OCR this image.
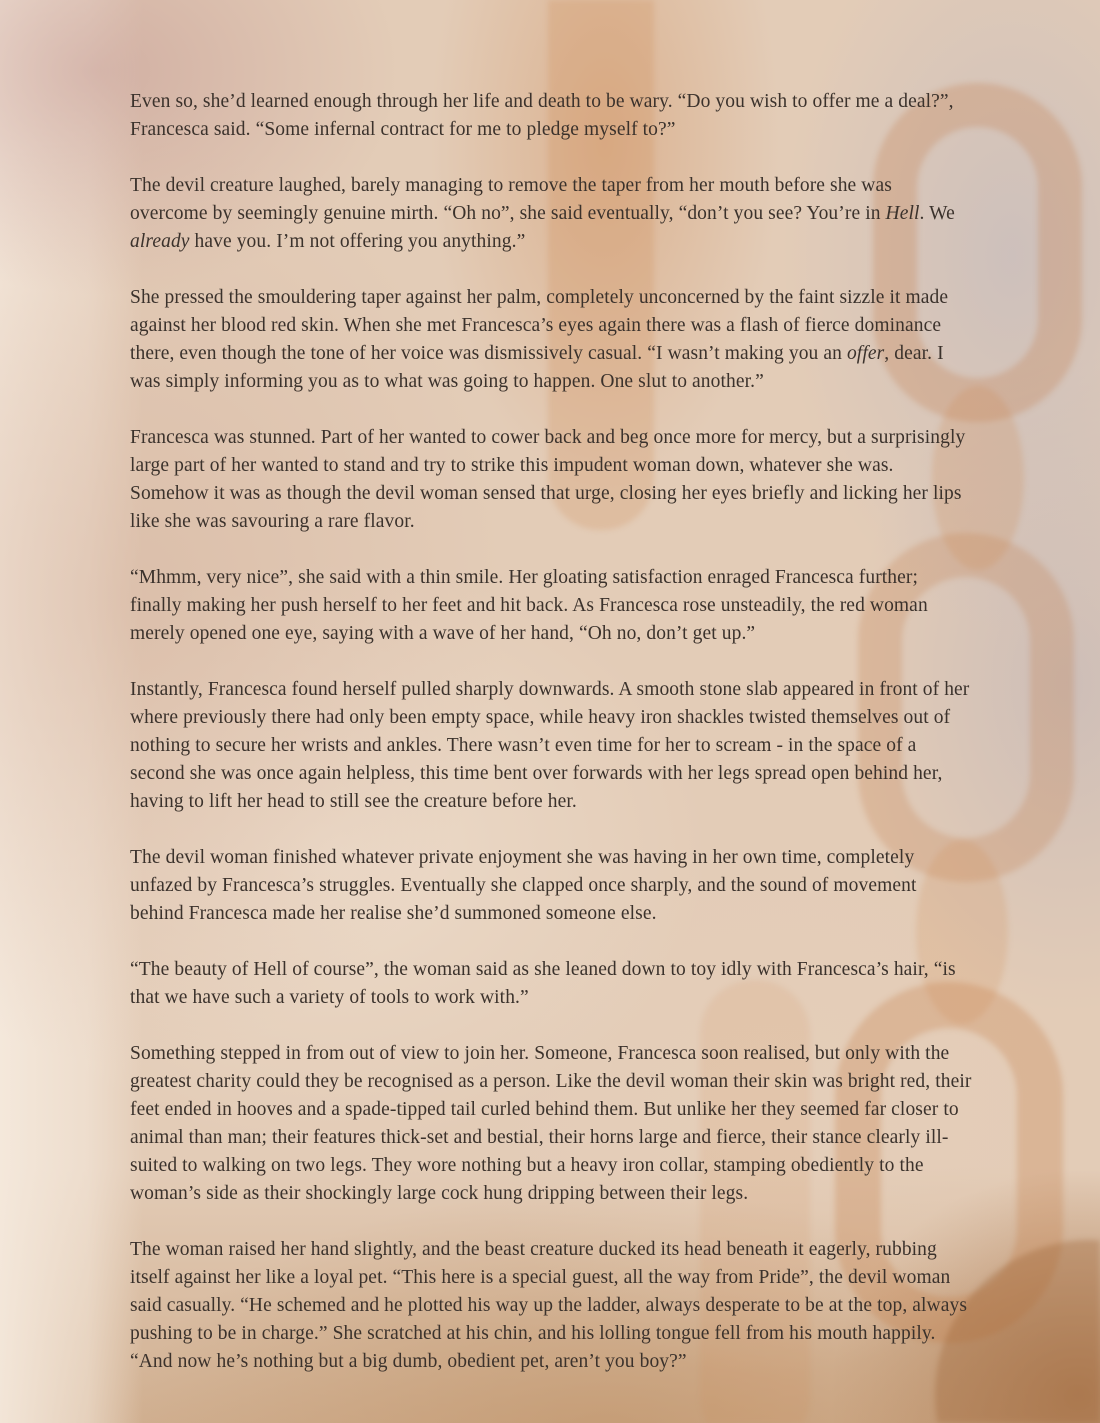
Even so, she’d learned enough through her life and death to be wary. “Do you wish to offer me a deal?”, Francesca said. “Some infernal contract for me to pledge myself to?”

The devil creature laughed, barely managing to remove the taper from her mouth before she was overcome by seemingly genuine mirth. “Oh no”, she said eventually, “don’t you see? You’re in Hell. We already have you. I’m not offering you anything.”

She pressed the smouldering taper against her palm, completely unconcerned by the faint sizzle it made against her blood red skin. When she met Francesca’s eyes again there was a flash of fierce dominance there, even though the tone of her voice was dismissively casual. “I wasn’t making you an offer, dear. I was simply informing you as to what was going to happen. One slut to another.”

Francesca was stunned. Part of her wanted to cower back and beg once more for mercy, but a surprisingly large part of her wanted to stand and try to strike this impudent woman down, whatever she was. Somehow it was as though the devil woman sensed that urge, closing her eyes briefly and licking her lips like she was savouring a rare flavor.

“Mhmm, very nice”, she said with a thin smile. Her gloating satisfaction enraged Francesca further; finally making her push herself to her feet and hit back. As Francesca rose unsteadily, the red woman merely opened one eye, saying with a wave of her hand, “Oh no, don’t get up.”

Instantly, Francesca found herself pulled sharply downwards. A smooth stone slab appeared in front of her where previously there had only been empty space, while heavy iron shackles twisted themselves out of nothing to secure her wrists and ankles. There wasn’t even time for her to scream - in the space of a second she was once again helpless, this time bent over forwards with her legs spread open behind her, having to lift her head to still see the creature before her.

The devil woman finished whatever private enjoyment she was having in her own time, completely unfazed by Francesca’s struggles. Eventually she clapped once sharply, and the sound of movement behind Francesca made her realise she’d summoned someone else.

“The beauty of Hell of course”, the woman said as she leaned down to toy idly with Francesca’s hair, “is that we have such a variety of tools to work with.”

Something stepped in from out of view to join her. Someone, Francesca soon realised, but only with the greatest charity could they be recognised as a person. Like the devil woman their skin was bright red, their feet ended in hooves and a spade-tipped tail curled behind them. But unlike her they seemed far closer to animal than man; their features thick-set and bestial, their horns large and fierce, their stance clearly ill-suited to walking on two legs. They wore nothing but a heavy iron collar, stamping obediently to the woman’s side as their shockingly large cock hung dripping between their legs.

The woman raised her hand slightly, and the beast creature ducked its head beneath it eagerly, rubbing itself against her like a loyal pet. “This here is a special guest, all the way from Pride”, the devil woman said casually. “He schemed and he plotted his way up the ladder, always desperate to be at the top, always pushing to be in charge.” She scratched at his chin, and his lolling tongue fell from his mouth happily. “And now he’s nothing but a big dumb, obedient pet, aren’t you boy?”
